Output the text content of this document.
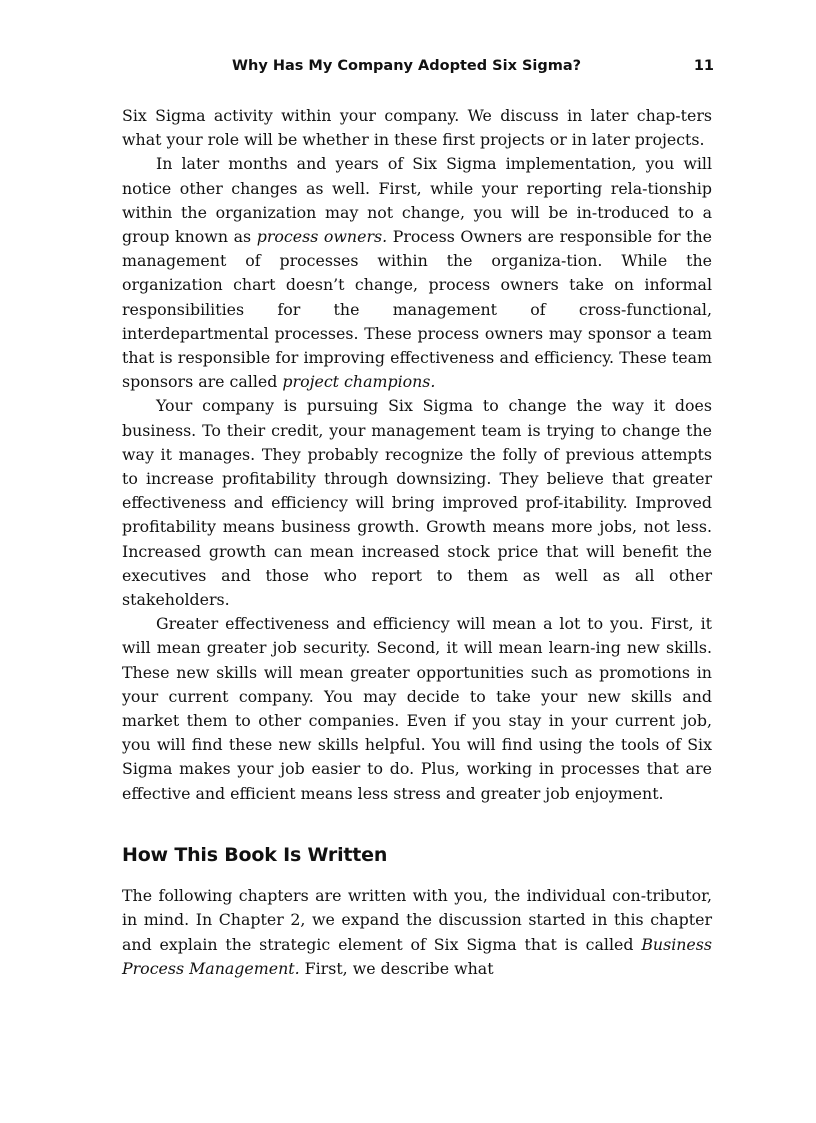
Why Has My Company Adopted Six Sigma?	11

Six Sigma activity within your company. We discuss in later chap-ters what your role will be whether in these first projects or in later projects.

In later months and years of Six Sigma implementation, you will notice other changes as well. First, while your reporting rela-tionship within the organization may not change, you will be in-troduced to a group known as process owners. Process Owners are responsible for the management of processes within the organiza-tion. While the organization chart doesn’t change, process owners take on informal responsibilities for the management of cross-functional, interdepartmental processes. These process owners may sponsor a team that is responsible for improving effectiveness and efficiency. These team sponsors are called project champions.

Your company is pursuing Six Sigma to change the way it does business. To their credit, your management team is trying to change the way it manages. They probably recognize the folly of previous attempts to increase profitability through downsizing. They believe that greater effectiveness and efficiency will bring improved prof-itability. Improved profitability means business growth. Growth means more jobs, not less. Increased growth can mean increased stock price that will benefit the executives and those who report to them as well as all other stakeholders.

Greater effectiveness and efficiency will mean a lot to you. First, it will mean greater job security. Second, it will mean learn-ing new skills. These new skills will mean greater opportunities such as promotions in your current company. You may decide to take your new skills and market them to other companies. Even if you stay in your current job, you will find these new skills helpful. You will find using the tools of Six Sigma makes your job easier to do. Plus, working in processes that are effective and efficient means less stress and greater job enjoyment.

How This Book Is Written

The following chapters are written with you, the individual con-tributor, in mind. In Chapter 2, we expand the discussion started in this chapter and explain the strategic element of Six Sigma that is called Business Process Management. First, we describe what
